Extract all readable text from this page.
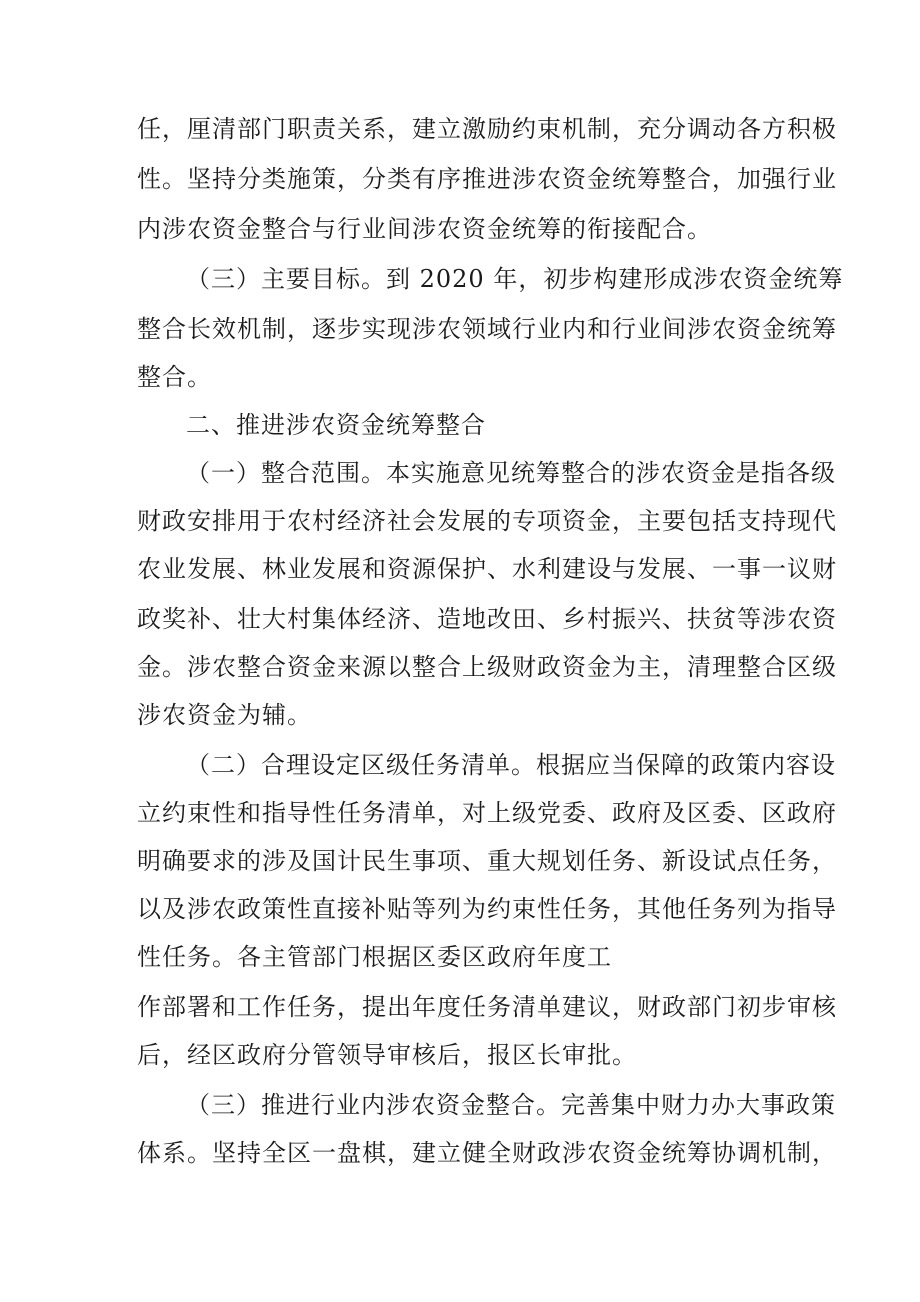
任，厘清部门职责关系，建立激励约束机制，充分调动各方积极
性。坚持分类施策，分类有序推进涉农资金统筹整合，加强行业
内涉农资金整合与行业间涉农资金统筹的衔接配合。
（三）主要目标。到 2020 年，初步构建形成涉农资金统筹
整合长效机制，逐步实现涉农领域行业内和行业间涉农资金统筹
整合。
二、推进涉农资金统筹整合
（一）整合范围。本实施意见统筹整合的涉农资金是指各级
财政安排用于农村经济社会发展的专项资金，主要包括支持现代
农业发展、林业发展和资源保护、水利建设与发展、一事一议财
政奖补、壮大村集体经济、造地改田、乡村振兴、扶贫等涉农资
金。涉农整合资金来源以整合上级财政资金为主，清理整合区级
涉农资金为辅。
（二）合理设定区级任务清单。根据应当保障的政策内容设
立约束性和指导性任务清单，对上级党委、政府及区委、区政府
明确要求的涉及国计民生事项、重大规划任务、新设试点任务，
以及涉农政策性直接补贴等列为约束性任务，其他任务列为指导
性任务。各主管部门根据区委区政府年度工
作部署和工作任务，提出年度任务清单建议，财政部门初步审核
后，经区政府分管领导审核后，报区长审批。
（三）推进行业内涉农资金整合。完善集中财力办大事政策
体系。坚持全区一盘棋，建立健全财政涉农资金统筹协调机制，
